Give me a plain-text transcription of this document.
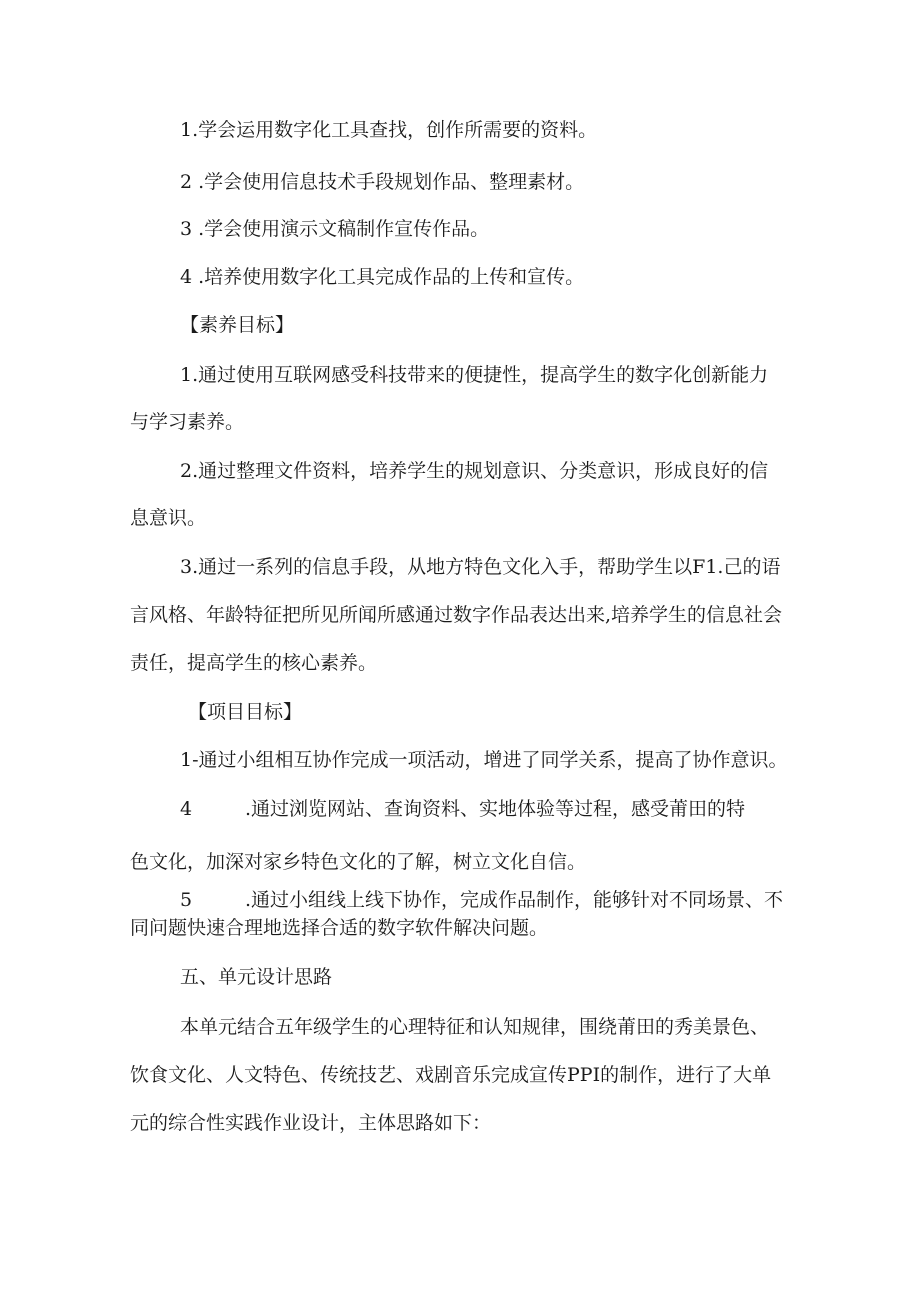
1.学会运用数字化工具查找，创作所需要的资料。
2 .学会使用信息技术手段规划作品、整理素材。
3 .学会使用演示文稿制作宣传作品。
4 .培养使用数字化工具完成作品的上传和宣传。
【素养目标】
1.通过使用互联网感受科技带来的便捷性，提高学生的数字化创新能力
与学习素养。
2.通过整理文件资料，培养学生的规划意识、分类意识，形成良好的信
息意识。
3.通过一系列的信息手段，从地方特色文化入手，帮助学生以F1.己的语
言风格、年龄特征把所见所闻所感通过数字作品表达出来,培养学生的信息社会
责任，提高学生的核心素养。
【项目目标】
1-通过小组相互协作完成一项活动，增进了同学关系，提高了协作意识。
4	.通过浏览网站、查询资料、实地体验等过程，感受莆田的特
色文化，加深对家乡特色文化的了解，树立文化自信。
5	.通过小组线上线下协作，完成作品制作，能够针对不同场景、不
同问题快速合理地选择合适的数字软件解决问题。
五、单元设计思路
本单元结合五年级学生的心理特征和认知规律，围绕莆田的秀美景色、
饮食文化、人文特色、传统技艺、戏剧音乐完成宣传PPI的制作，进行了大单
元的综合性实践作业设计，主体思路如下：
